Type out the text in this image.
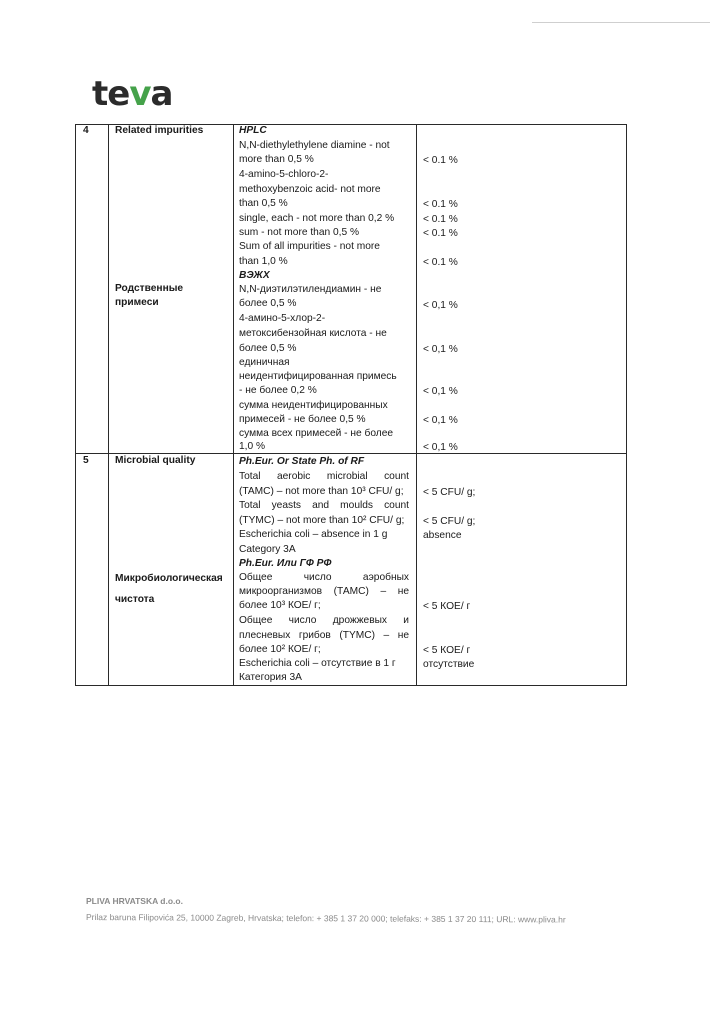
teva
4	Related impurities
Родственные
примеси
HPLC
N,N-diethylethylene diamine - not
more than 0,5 %
4-amino-5-chloro-2-
methoxybenzoic acid- not more
than 0,5 %
single, each - not more than 0,2 %
sum - not more than 0,5 %
Sum of all impurities - not more
than 1,0 %
ВЭЖХ
N,N-диэтилэтилендиамин - не
более 0,5 %
4-амино-5-хлор-2-
метоксибензойная кислота - не
более 0,5 %
единичная
неидентифицированная примесь
- не более 0,2 %
сумма неидентифицированных
примесей - не более 0,5 %
сумма всех примесей - не более
1,0 %
< 0.1 %
< 0.1 %
< 0.1 %
< 0.1 %
< 0.1 %
< 0,1 %
< 0,1 %
< 0,1 %
< 0,1 %
< 0,1 %
5	Microbial quality
Микробиологическая
чистота
Ph.Eur. Or State Ph. of RF
Total aerobic microbial count
(TAMC) – not more than 10³ CFU/ g;
Total yeasts and moulds count
(TYMC) – not more than 10² CFU/ g;
Escherichia coli – absence in 1 g
Category 3A
Ph.Eur. Или ГФ РФ
Общее число аэробных
микроорганизмов (ТАМС) – не
более 10³ КОЕ/ г;
Общее число дрожжевых и
плесневых грибов (ТYМС) – не
более 10² КОЕ/ г;
Escherichia coli – отсутствие в 1 г
Категория 3А
< 5 CFU/ g;
< 5 CFU/ g;
absence
< 5 КОЕ/ г
< 5 КОЕ/ г
отсутствие
PLIVA HRVATSKA d.o.o.
Prilaz baruna Filipovića 25, 10000 Zagreb, Hrvatska; telefon: + 385 1 37 20 000; telefaks: + 385 1 37 20 111; URL: www.pliva.hr
